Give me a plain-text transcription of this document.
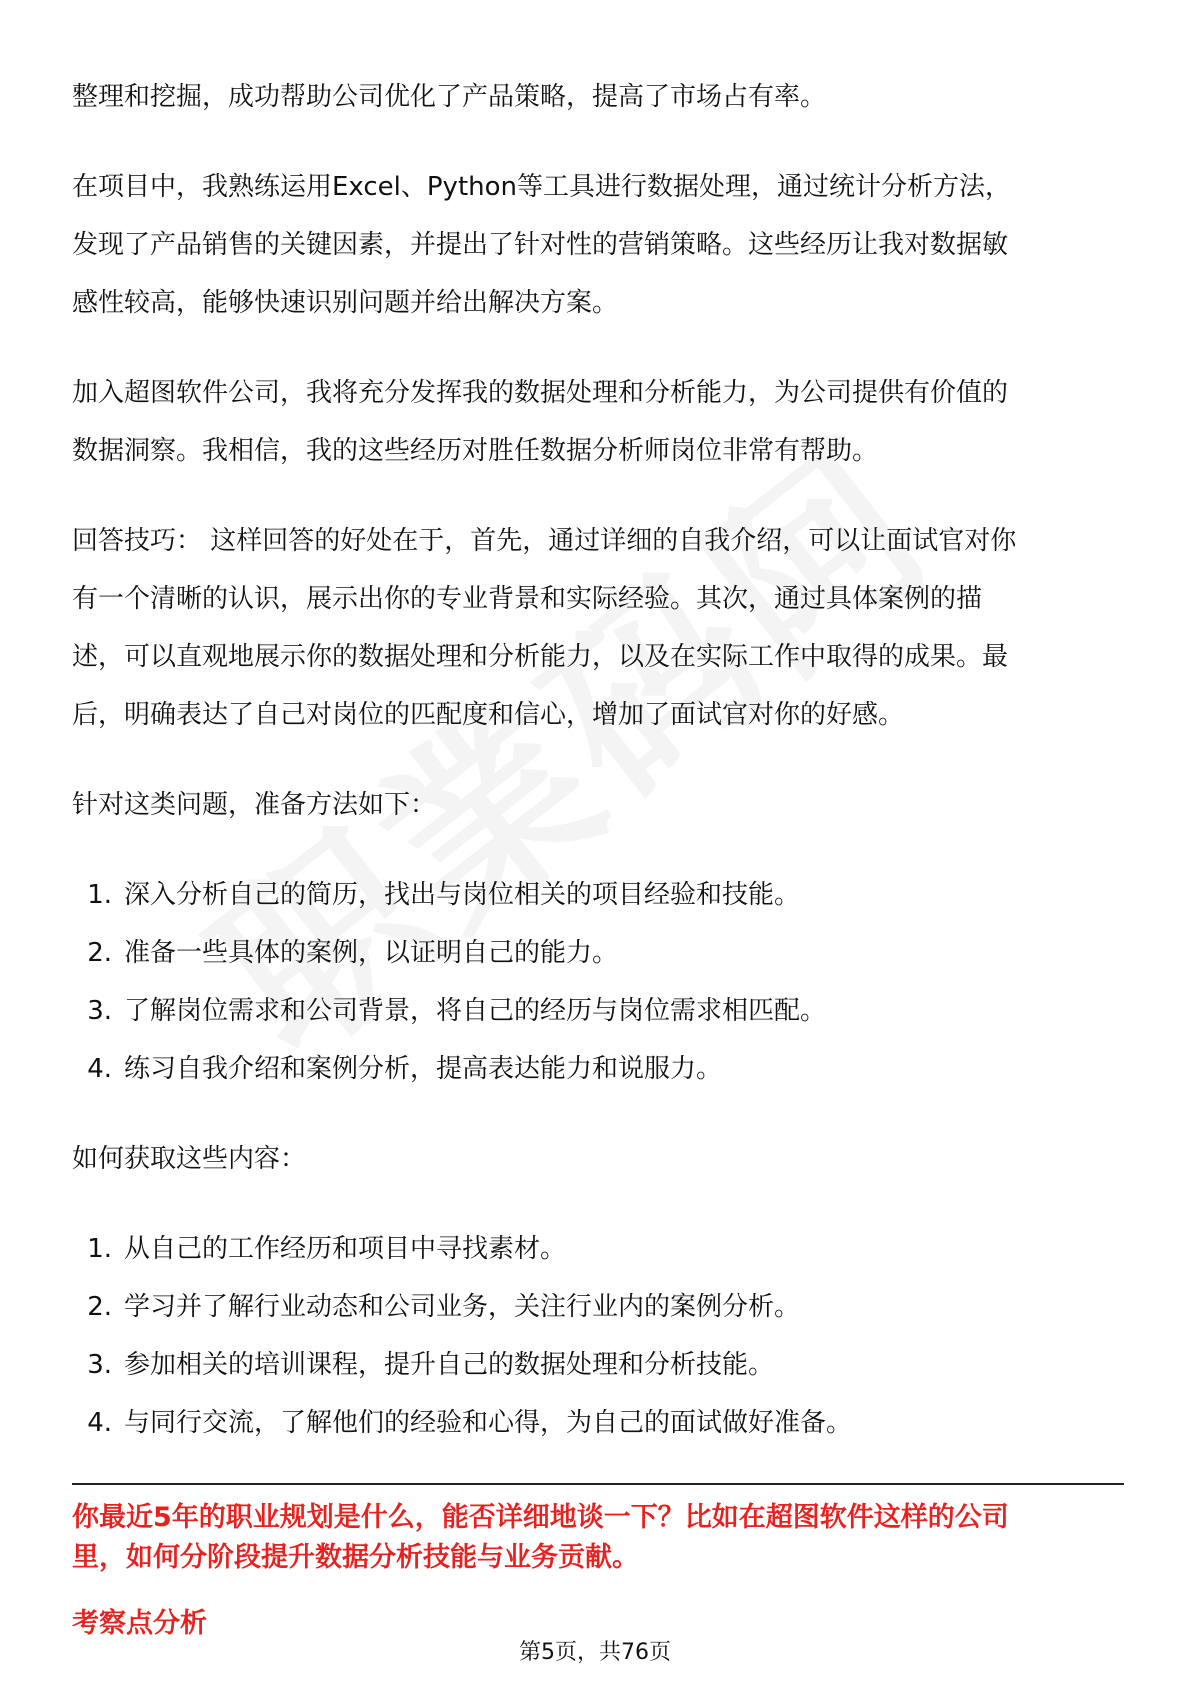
整理和挖掘，成功帮助公司优化了产品策略，提高了市场占有率。

在项目中，我熟练运用Excel、Python等工具进行数据处理，通过统计分析方法，

发现了产品销售的关键因素，并提出了针对性的营销策略。这些经历让我对数据敏

感性较高，能够快速识别问题并给出解决方案。

加入超图软件公司，我将充分发挥我的数据处理和分析能力，为公司提供有价值的

数据洞察。我相信，我的这些经历对胜任数据分析师岗位非常有帮助。

回答技巧： 这样回答的好处在于，首先，通过详细的自我介绍，可以让面试官对你

有一个清晰的认识，展示出你的专业背景和实际经验。其次，通过具体案例的描

述，可以直观地展示你的数据处理和分析能力，以及在实际工作中取得的成果。最

后，明确表达了自己对岗位的匹配度和信心，增加了面试官对你的好感。

针对这类问题，准备方法如下：

1. 深入分析自己的简历，找出与岗位相关的项目经验和技能。
2. 准备一些具体的案例，以证明自己的能力。
3. 了解岗位需求和公司背景，将自己的经历与岗位需求相匹配。
4. 练习自我介绍和案例分析，提高表达能力和说服力。

如何获取这些内容：

1. 从自己的工作经历和项目中寻找素材。
2. 学习并了解行业动态和公司业务，关注行业内的案例分析。
3. 参加相关的培训课程，提升自己的数据处理和分析技能。
4. 与同行交流，了解他们的经验和心得，为自己的面试做好准备。
你最近5年的职业规划是什么，能否详细地谈一下？比如在超图软件这样的公司
里，如何分阶段提升数据分析技能与业务贡献。
考察点分析
第5页，共76页
